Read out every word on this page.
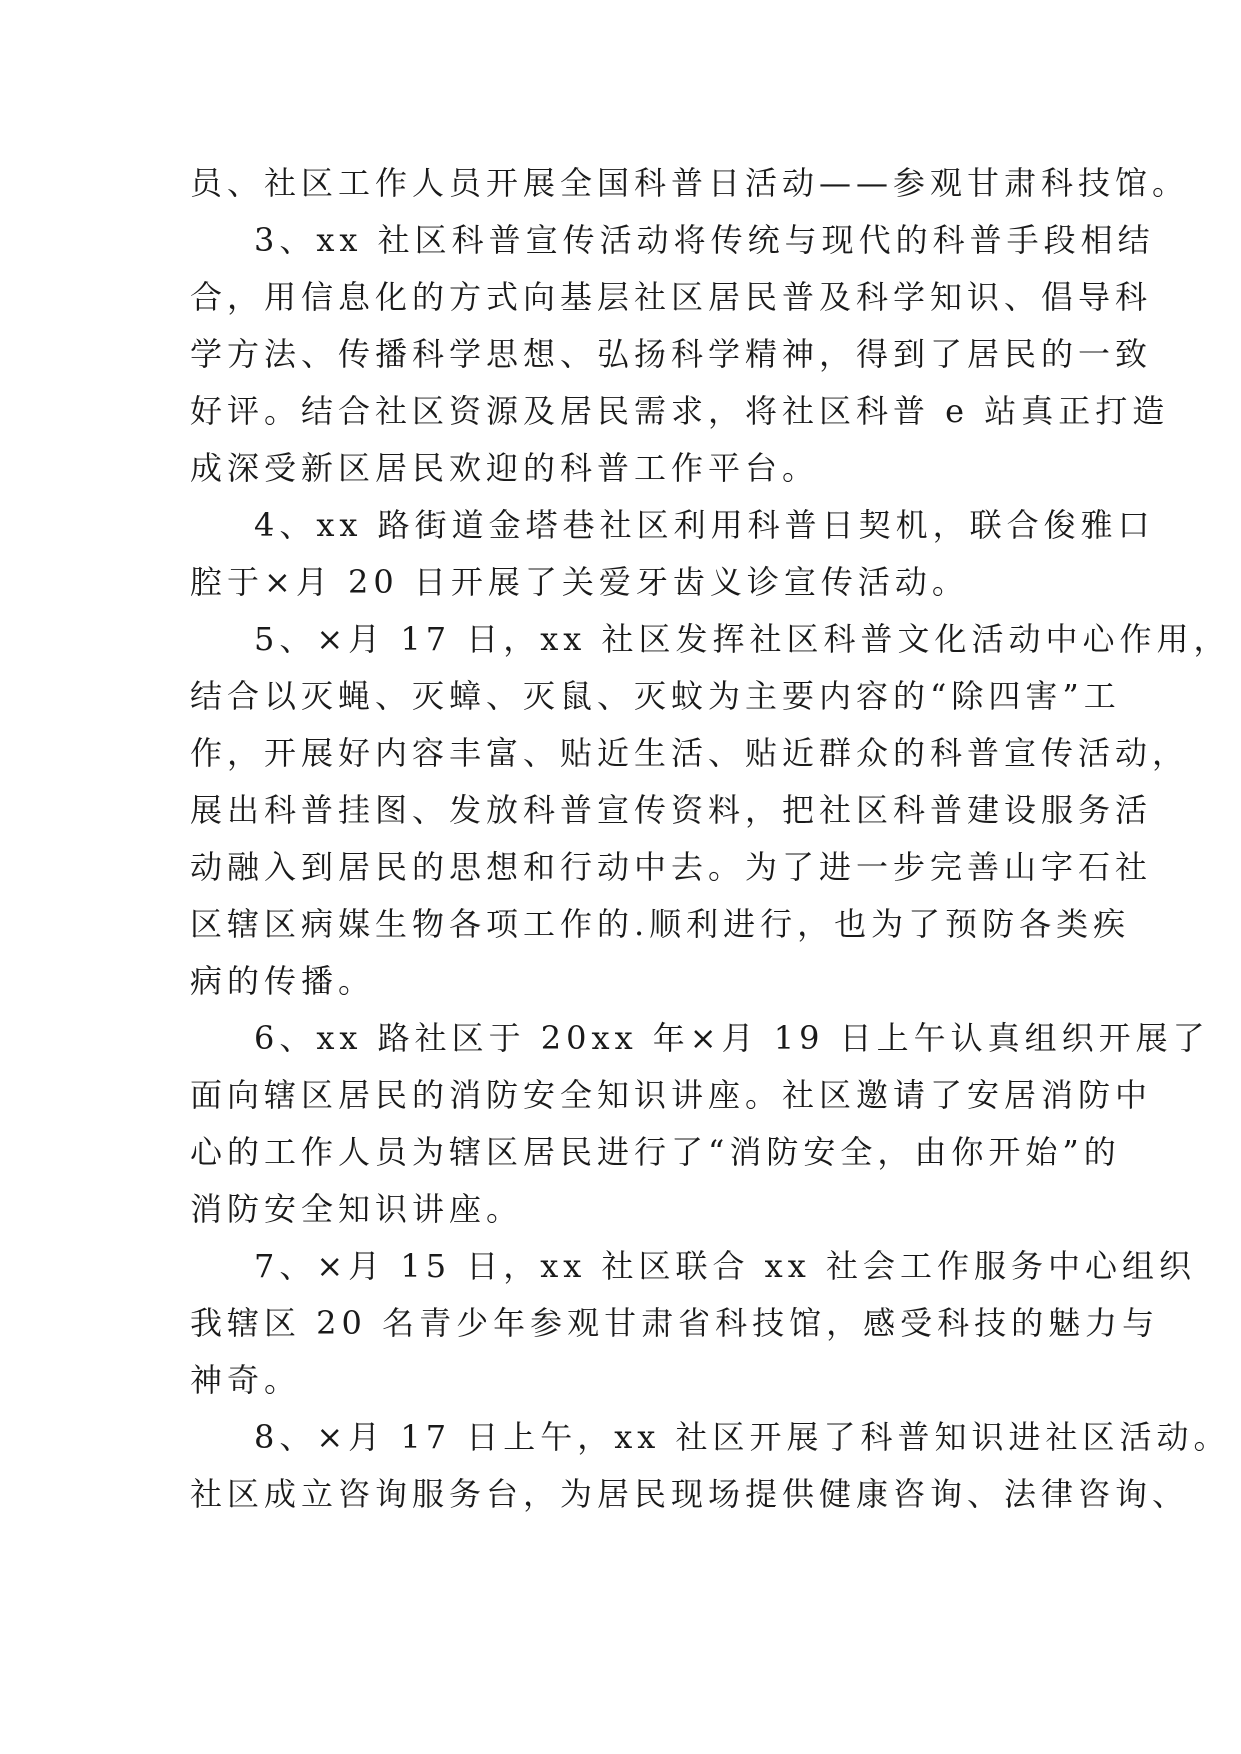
员、社区工作人员开展全国科普日活动——参观甘肃科技馆。
3、xx 社区科普宣传活动将传统与现代的科普手段相结
合，用信息化的方式向基层社区居民普及科学知识、倡导科
学方法、传播科学思想、弘扬科学精神，得到了居民的一致
好评。结合社区资源及居民需求，将社区科普 e 站真正打造
成深受新区居民欢迎的科普工作平台。
4、xx 路街道金塔巷社区利用科普日契机，联合俊雅口
腔于×月 20 日开展了关爱牙齿义诊宣传活动。
5、×月 17 日，xx 社区发挥社区科普文化活动中心作用，
结合以灭蝇、灭蟑、灭鼠、灭蚊为主要内容的“除四害”工
作，开展好内容丰富、贴近生活、贴近群众的科普宣传活动，
展出科普挂图、发放科普宣传资料，把社区科普建设服务活
动融入到居民的思想和行动中去。为了进一步完善山字石社
区辖区病媒生物各项工作的.顺利进行，也为了预防各类疾
病的传播。
6、xx 路社区于 20xx 年×月 19 日上午认真组织开展了
面向辖区居民的消防安全知识讲座。社区邀请了安居消防中
心的工作人员为辖区居民进行了“消防安全，由你开始”的
消防安全知识讲座。
7、×月 15 日，xx 社区联合 xx 社会工作服务中心组织
我辖区 20 名青少年参观甘肃省科技馆，感受科技的魅力与
神奇。
8、×月 17 日上午，xx 社区开展了科普知识进社区活动。
社区成立咨询服务台，为居民现场提供健康咨询、法律咨询、
